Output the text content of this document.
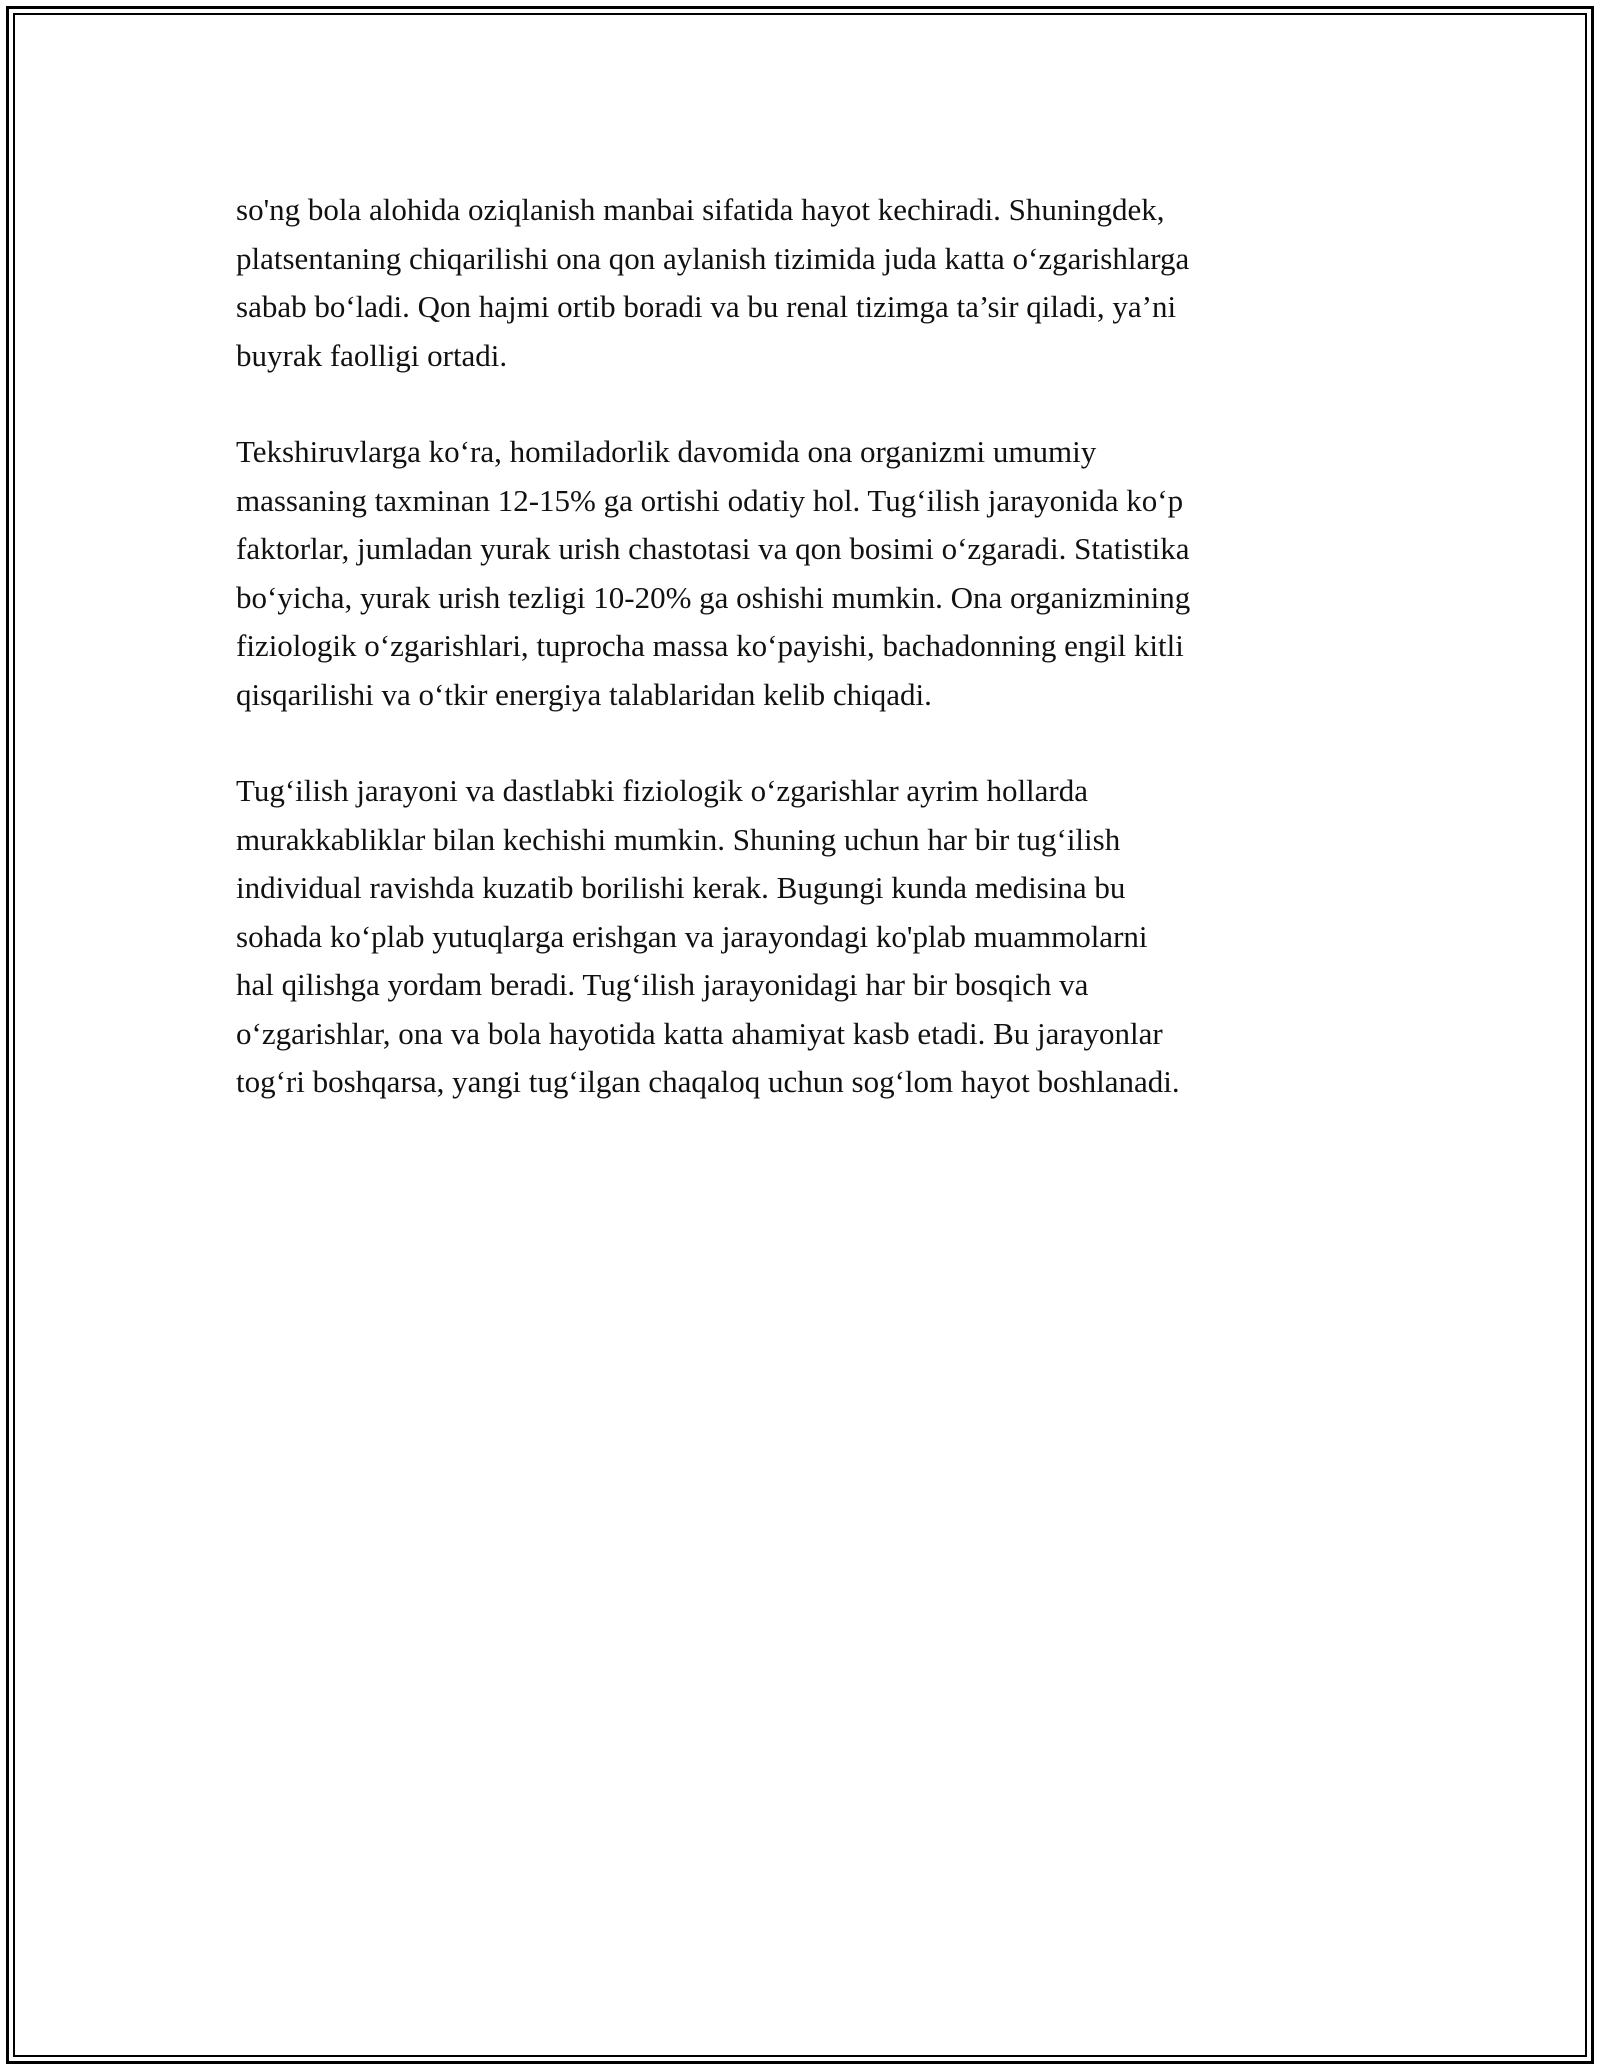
so'ng bola alohida oziqlanish manbai sifatida hayot kechiradi. Shuningdek,
platsentaning chiqarilishi ona qon aylanish tizimida juda katta o‘zgarishlarga
sabab bo‘ladi. Qon hajmi ortib boradi va bu renal tizimga ta’sir qiladi, ya’ni
buyrak faolligi ortadi.

Tekshiruvlarga ko‘ra, homiladorlik davomida ona organizmi umumiy
massaning taxminan 12-15% ga ortishi odatiy hol. Tug‘ilish jarayonida ko‘p
faktorlar, jumladan yurak urish chastotasi va qon bosimi o‘zgaradi. Statistika
bo‘yicha, yurak urish tezligi 10-20% ga oshishi mumkin. Ona organizmining
fiziologik o‘zgarishlari, tuprocha massa ko‘payishi, bachadonning engil kitli
qisqarilishi va o‘tkir energiya talablaridan kelib chiqadi.

Tug‘ilish jarayoni va dastlabki fiziologik o‘zgarishlar ayrim hollarda
murakkabliklar bilan kechishi mumkin. Shuning uchun har bir tug‘ilish
individual ravishda kuzatib borilishi kerak. Bugungi kunda medisina bu
sohada ko‘plab yutuqlarga erishgan va jarayondagi ko'plab muammolarni
hal qilishga yordam beradi. Tug‘ilish jarayonidagi har bir bosqich va
o‘zgarishlar, ona va bola hayotida katta ahamiyat kasb etadi. Bu jarayonlar
tog‘ri boshqarsa, yangi tug‘ilgan chaqaloq uchun sog‘lom hayot boshlanadi.
